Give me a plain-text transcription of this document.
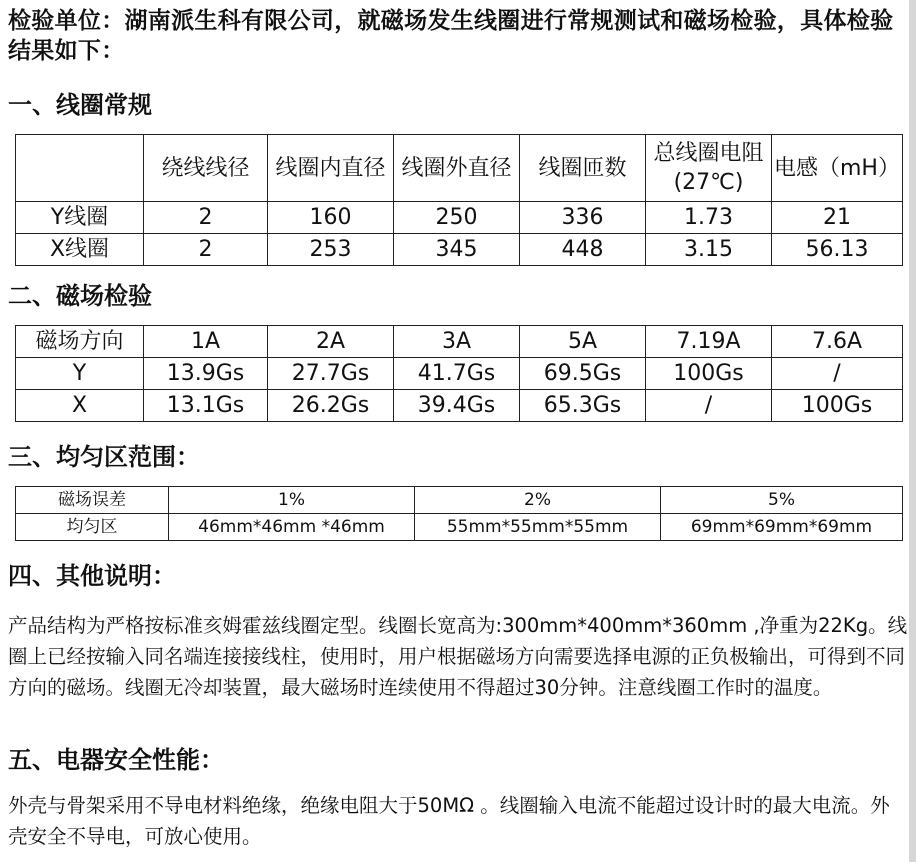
检验单位：湖南派生科有限公司，就磁场发生线圈进行常规测试和磁场检验，具体检验结果如下：
一、线圈常规
	绕线线径	线圈内直径	线圈外直径	线圈匝数	总线圈电阻(27℃)	电感（mH）
Y线圈	2	160	250	336	1.73	21
X线圈	2	253	345	448	3.15	56.13
二、磁场检验
磁场方向	1A	2A	3A	5A	7.19A	7.6A
Y	13.9Gs	27.7Gs	41.7Gs	69.5Gs	100Gs	/
X	13.1Gs	26.2Gs	39.4Gs	65.3Gs	/	100Gs
三、均匀区范围：
磁场误差	1%	2%	5%
均匀区	46mm*46mm *46mm	55mm*55mm*55mm	69mm*69mm*69mm
四、其他说明：
产品结构为严格按标准亥姆霍兹线圈定型。线圈长宽高为:300mm*400mm*360mm ,净重为22Kg。线圈上已经按输入同名端连接接线柱，使用时，用户根据磁场方向需要选择电源的正负极输出，可得到不同方向的磁场。线圈无冷却装置，最大磁场时连续使用不得超过30分钟。注意线圈工作时的温度。
五、电器安全性能：
外壳与骨架采用不导电材料绝缘，绝缘电阻大于50MΩ 。线圈输入电流不能超过设计时的最大电流。外壳安全不导电，可放心使用。
